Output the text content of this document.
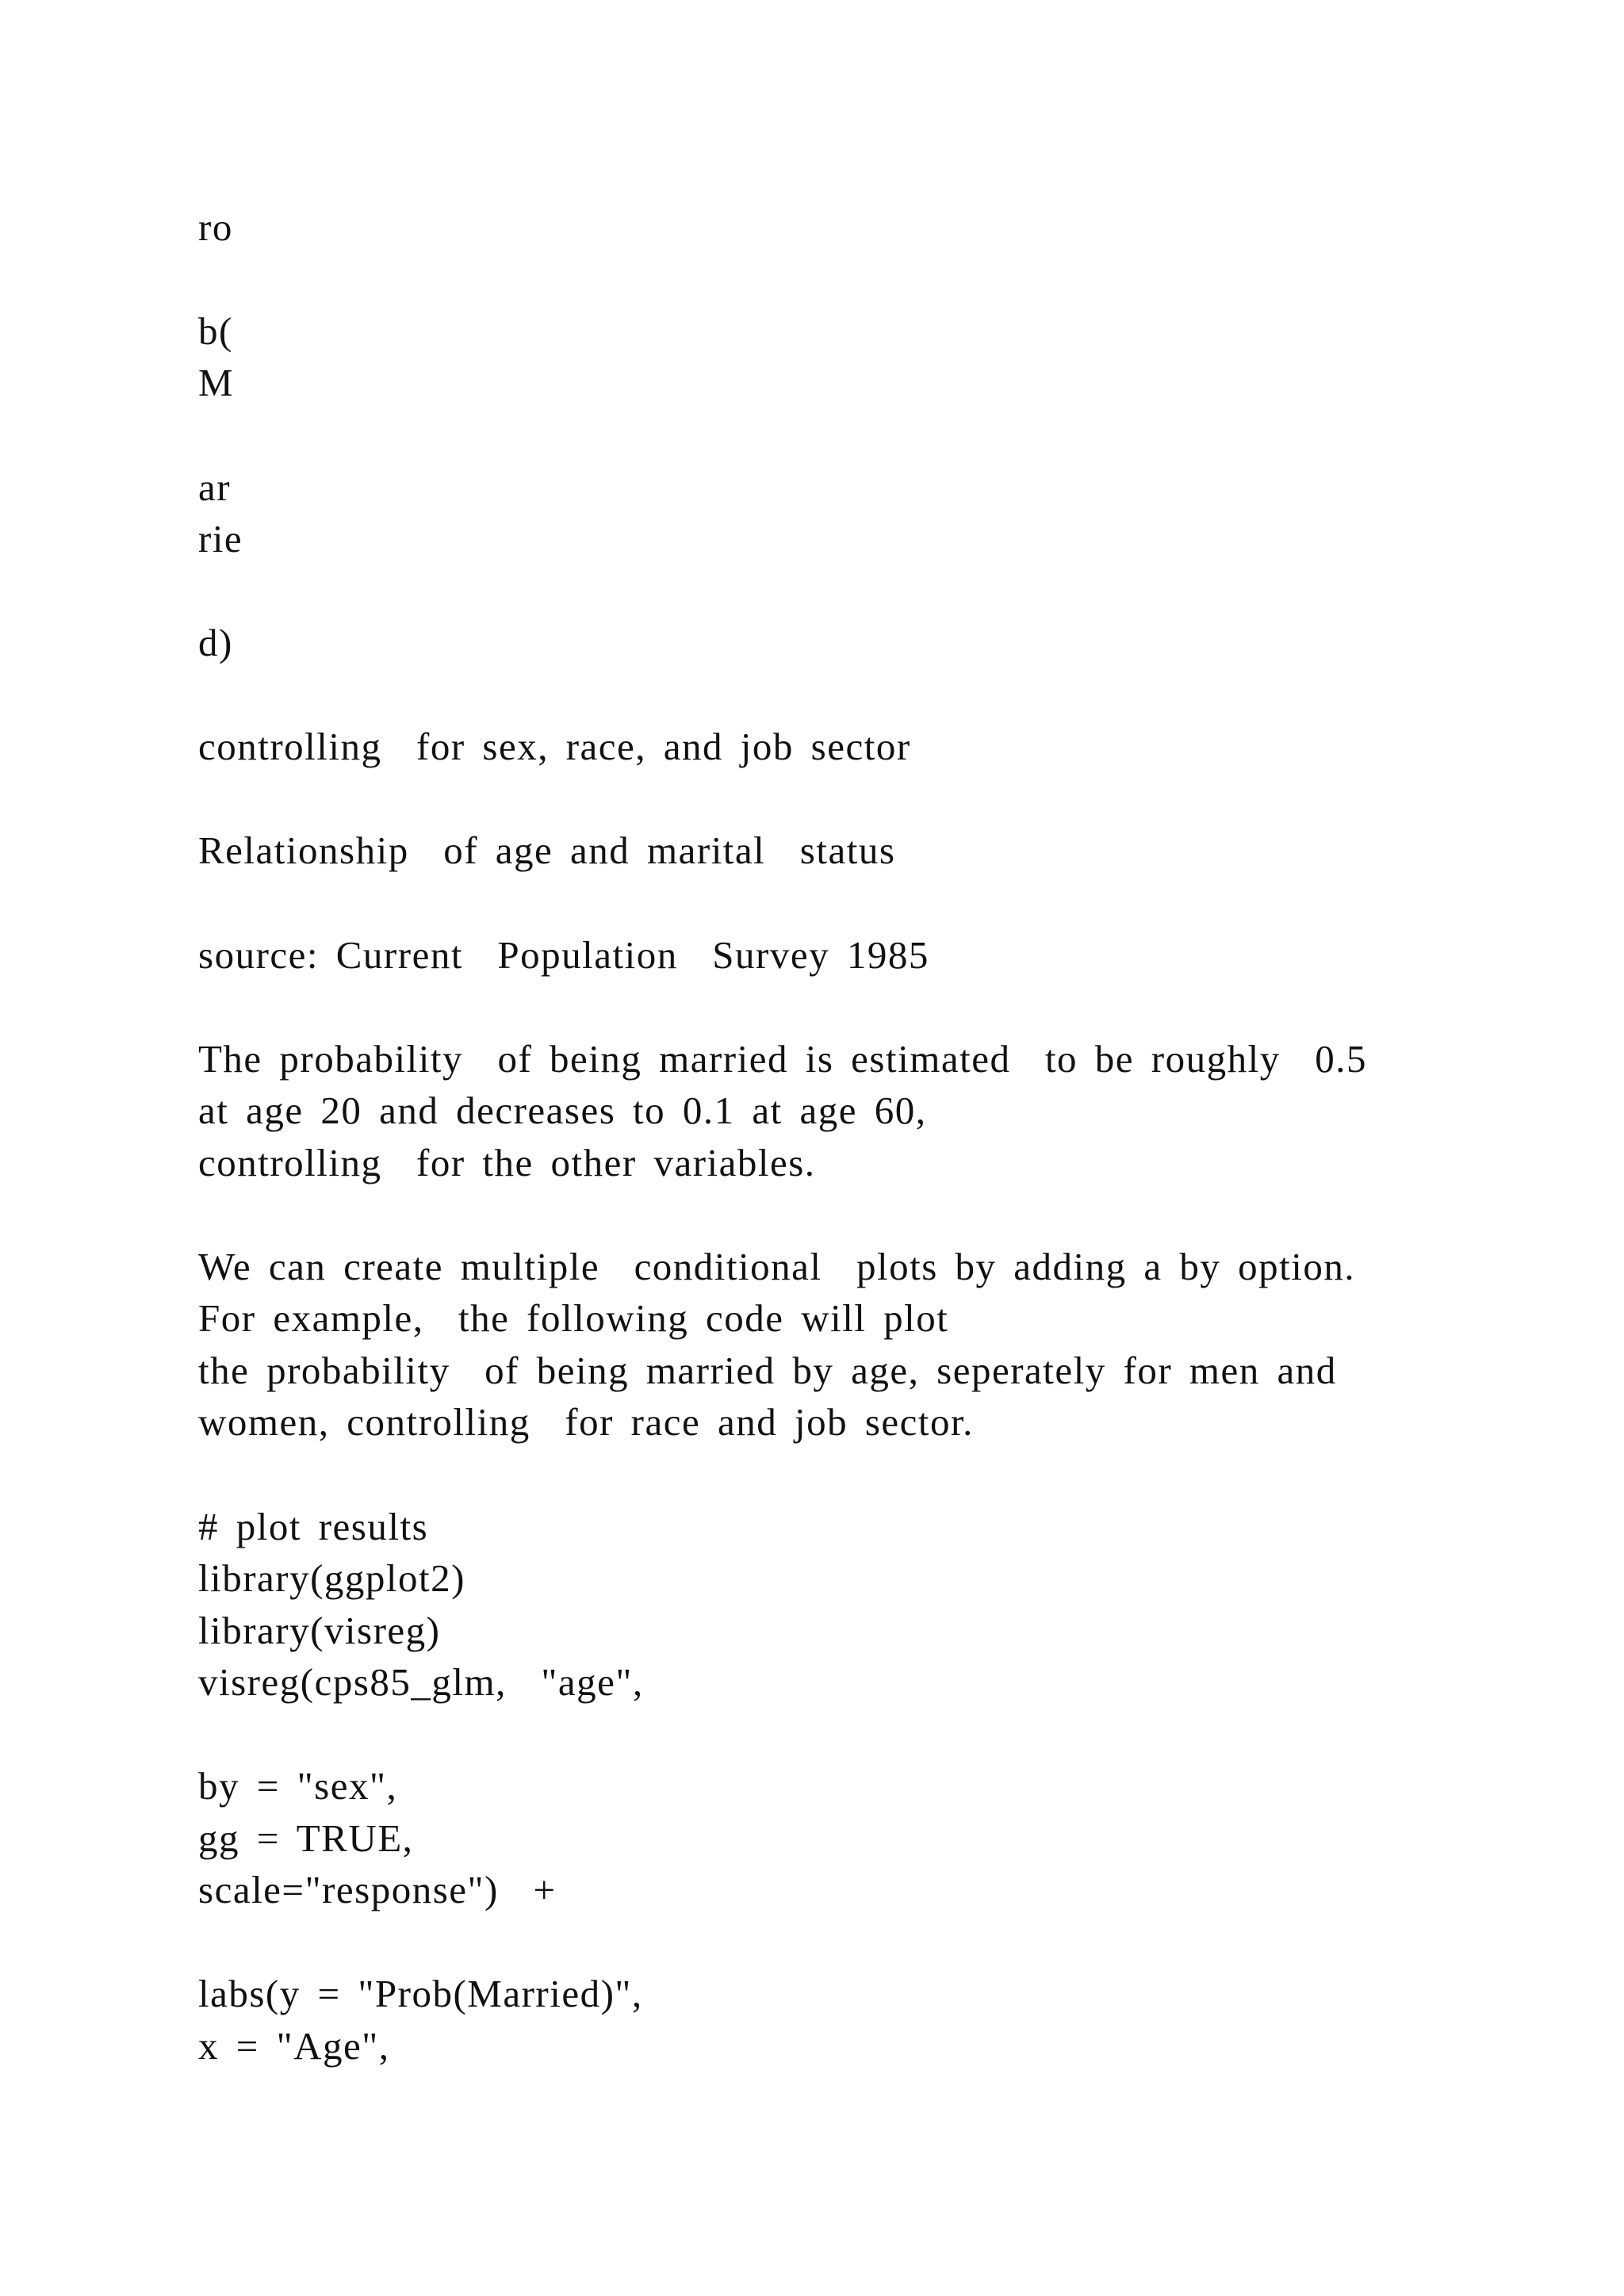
ro
b(
M
ar
rie
d)
controlling  for sex, race, and job sector
Relationship  of age and marital  status
source: Current  Population  Survey 1985
The probability  of being married is estimated  to be roughly  0.5
at age 20 and decreases to 0.1 at age 60,
controlling  for the other variables.
We can create multiple  conditional  plots by adding a by option.
For example,  the following code will plot
the probability  of being married by age, seperately for men and
women, controlling  for race and job sector.
# plot results
library(ggplot2)
library(visreg)
visreg(cps85_glm,  "age",
by = "sex",
gg = TRUE,
scale="response")  +
labs(y = "Prob(Married)",
x = "Age",
